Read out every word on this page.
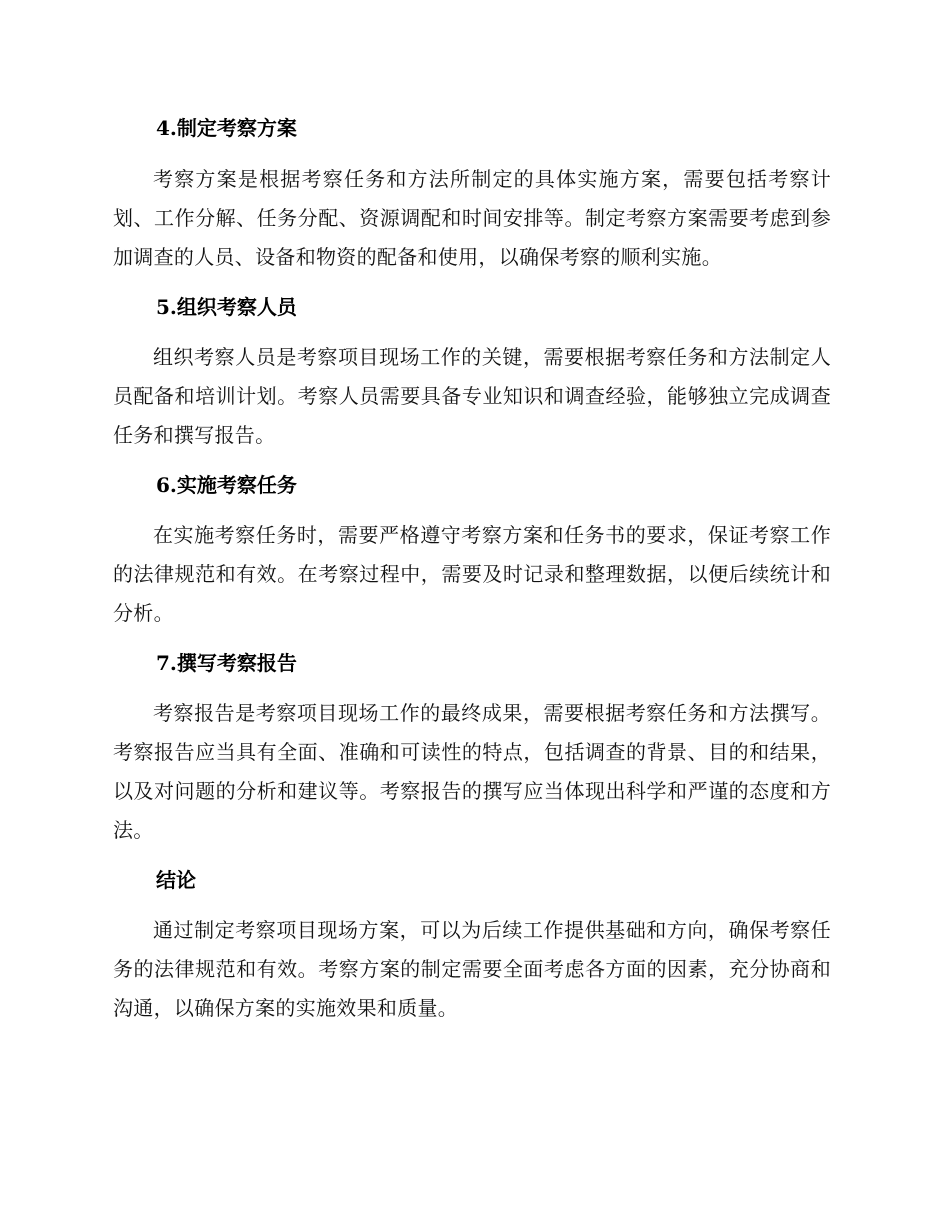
4.制定考察方案

考察方案是根据考察任务和方法所制定的具体实施方案，需要包括考察计划、工作分解、任务分配、资源调配和时间安排等。制定考察方案需要考虑到参加调查的人员、设备和物资的配备和使用，以确保考察的顺利实施。

5.组织考察人员

组织考察人员是考察项目现场工作的关键，需要根据考察任务和方法制定人员配备和培训计划。考察人员需要具备专业知识和调查经验，能够独立完成调查任务和撰写报告。

6.实施考察任务

在实施考察任务时，需要严格遵守考察方案和任务书的要求，保证考察工作的法律规范和有效。在考察过程中，需要及时记录和整理数据，以便后续统计和分析。

7.撰写考察报告

考察报告是考察项目现场工作的最终成果，需要根据考察任务和方法撰写。考察报告应当具有全面、准确和可读性的特点，包括调查的背景、目的和结果，以及对问题的分析和建议等。考察报告的撰写应当体现出科学和严谨的态度和方法。

结论

通过制定考察项目现场方案，可以为后续工作提供基础和方向，确保考察任务的法律规范和有效。考察方案的制定需要全面考虑各方面的因素，充分协商和沟通，以确保方案的实施效果和质量。
